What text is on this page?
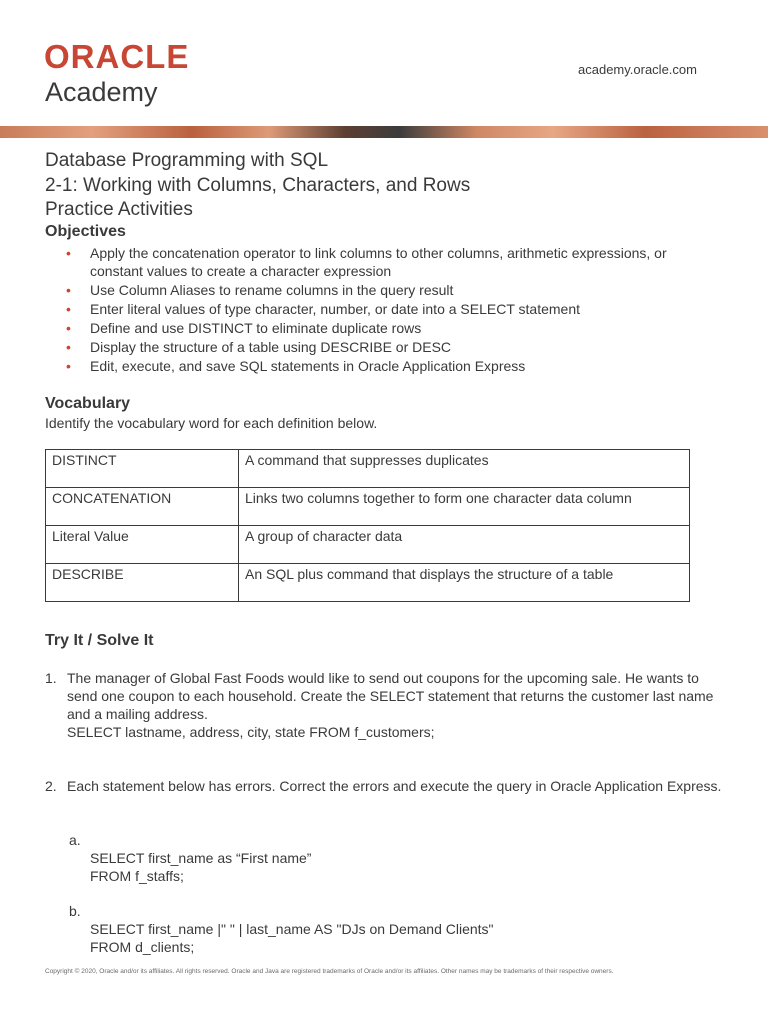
ORACLE
Academy
academy.oracle.com
Database Programming with SQL
2-1: Working with Columns, Characters, and Rows
Practice Activities
Objectives
• Apply the concatenation operator to link columns to other columns, arithmetic expressions, or constant values to create a character expression
• Use Column Aliases to rename columns in the query result
• Enter literal values of type character, number, or date into a SELECT statement
• Define and use DISTINCT to eliminate duplicate rows
• Display the structure of a table using DESCRIBE or DESC
• Edit, execute, and save SQL statements in Oracle Application Express
Vocabulary
Identify the vocabulary word for each definition below.
DISTINCT	A command that suppresses duplicates
CONCATENATION	Links two columns together to form one character data column
Literal Value	A group of character data
DESCRIBE	An SQL plus command that displays the structure of a table
Try It / Solve It
1. The manager of Global Fast Foods would like to send out coupons for the upcoming sale. He wants to send one coupon to each household. Create the SELECT statement that returns the customer last name and a mailing address.
SELECT lastname, address, city, state FROM f_customers;
2. Each statement below has errors. Correct the errors and execute the query in Oracle Application Express.
a.
SELECT first_name as “First name”
FROM f_staffs;
b.
SELECT first_name |" " | last_name AS "DJs on Demand Clients"
FROM d_clients;
Copyright © 2020, Oracle and/or its affiliates. All rights reserved. Oracle and Java are registered trademarks of Oracle and/or its affiliates. Other names may be trademarks of their respective owners.
